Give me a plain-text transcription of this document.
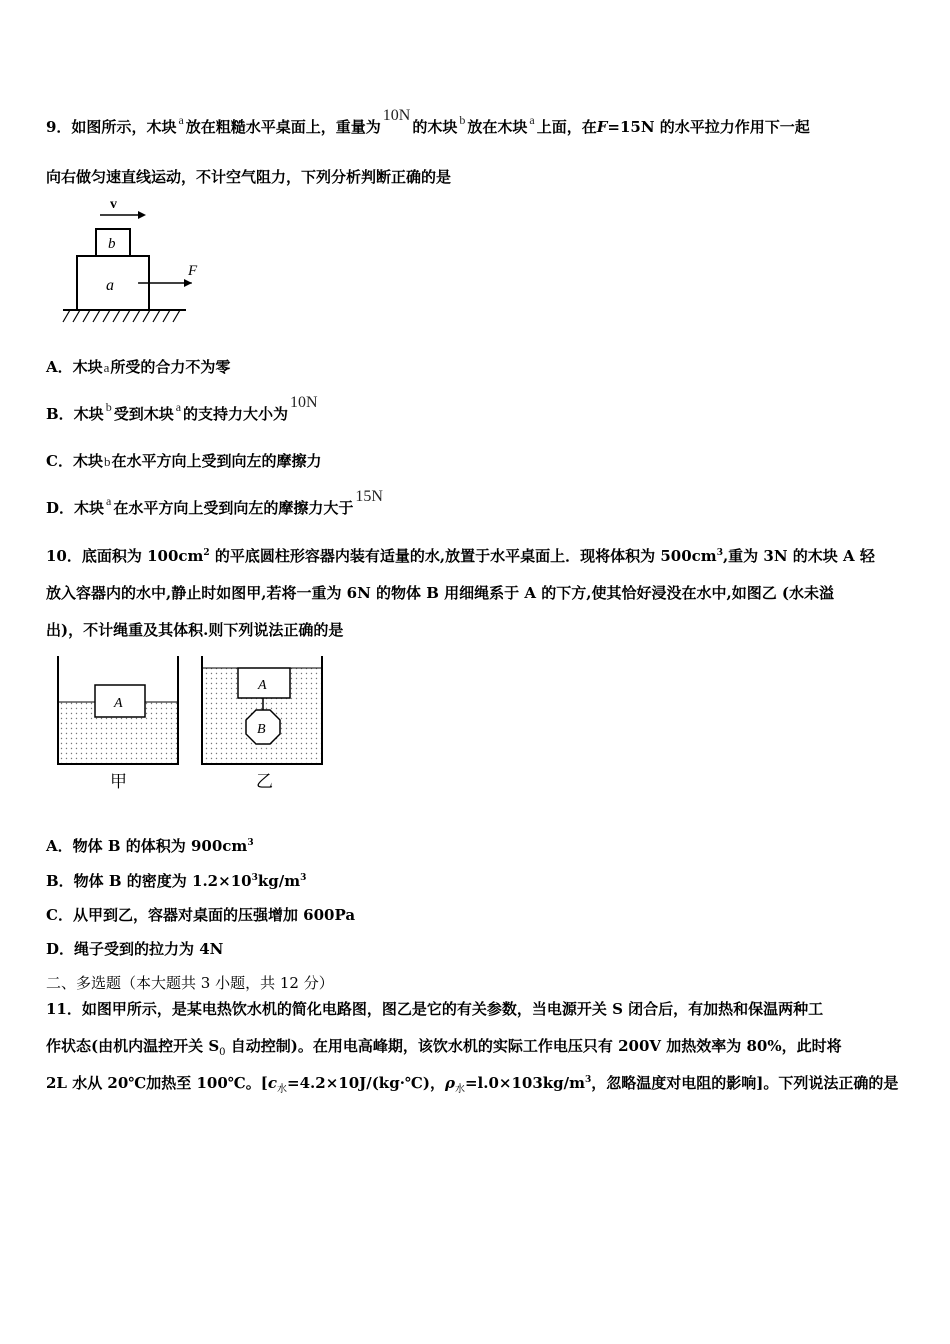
9．如图所示，木块 $^a$ 放在粗糙水平桌面上，重量为10N的木块 $^b$ 放在木块 $^a$ 上面，在F=15N 的水平拉力作用下一起
向右做匀速直线运动，不计空气阻力，下列分析判断正确的是
v
b
a
F
A．木块a所受的合力不为零
B．木块 $^b$ 受到木块 $^a$ 的支持力大小为10N
C．木块b在水平方向上受到向左的摩擦力
D．木块 $^a$ 在水平方向上受到向左的摩擦力大于15N
10．底面积为 $100cm^2$ 的平底圆柱形容器内装有适量的水,放置于水平桌面上．现将体积为 $500cm^3$,重为 3N 的木块 A 轻
放入容器内的水中,静止时如图甲,若将一重为 6N 的物体 B 用细绳系于 A 的下方,使其恰好浸没在水中,如图乙 (水未溢
出)，不计绳重及其体积.则下列说法正确的是
A
甲
A
B
乙
A．物体 B 的体积为 $900cm^3$
B．物体 B 的密度为 $1.2\times 10^3kg/m^3$
C．从甲到乙，容器对桌面的压强增加 600Pa
D．绳子受到的拉力为 4N
二、多选题（本大题共 3 小题，共 12 分）
11．如图甲所示，是某电热饮水机的简化电路图，图乙是它的有关参数，当电源开关 S 闭合后，有加热和保温两种工
作状态(由机内温控开关 $S_0$ 自动控制)。在用电高峰期，该饮水机的实际工作电压只有 200V 加热效率为 80%，此时将
2L 水从 20℃加热至 100℃。[$c_水=4.2\times 10J/(kg\cdot℃)$，$\rho_水=l.0\times 103kg/m^3$，忽略温度对电阻的影响]。下列说法正确的是
